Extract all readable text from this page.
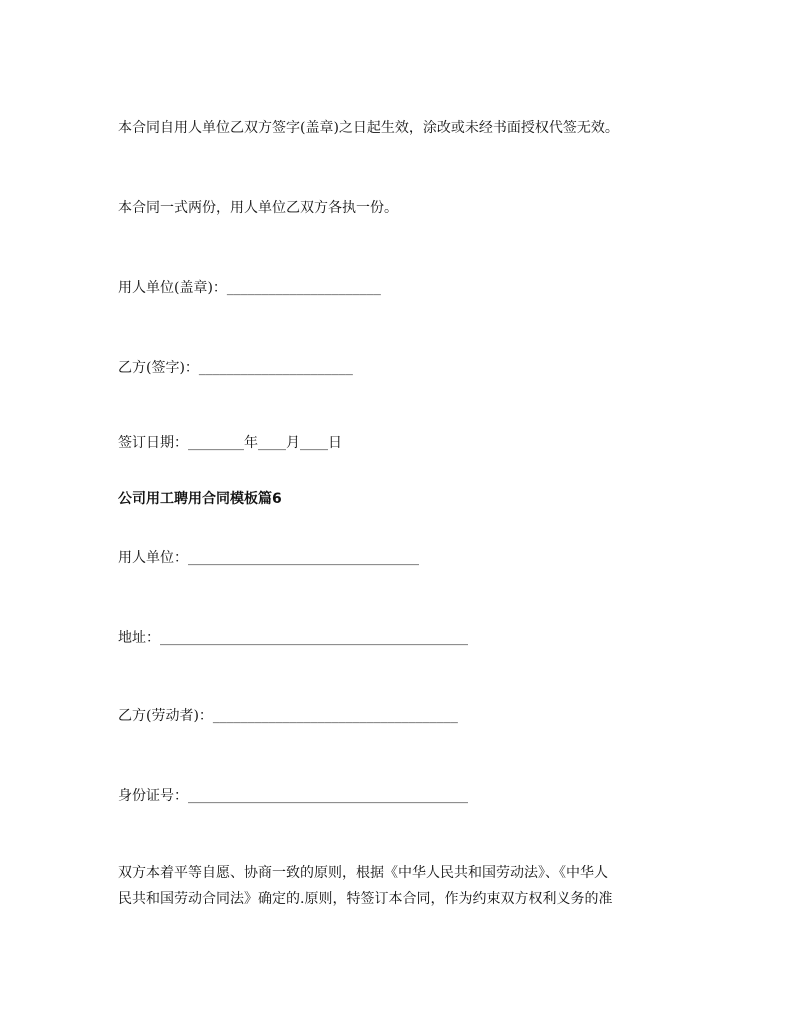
本合同自用人单位乙双方签字(盖章)之日起生效，涂改或未经书面授权代签无效。
本合同一式两份，用人单位乙双方各执一份。
用人单位(盖章)：______________________
乙方(签字)：______________________
签订日期：________年____月____日
公司用工聘用合同模板篇6
用人单位：_________________________________
地址：____________________________________________
乙方(劳动者)：___________________________________
身份证号：________________________________________
双方本着平等自愿、协商一致的原则，根据《中华人民共和国劳动法》、《中华人
民共和国劳动合同法》确定的.原则，特签订本合同，作为约束双方权利义务的准
